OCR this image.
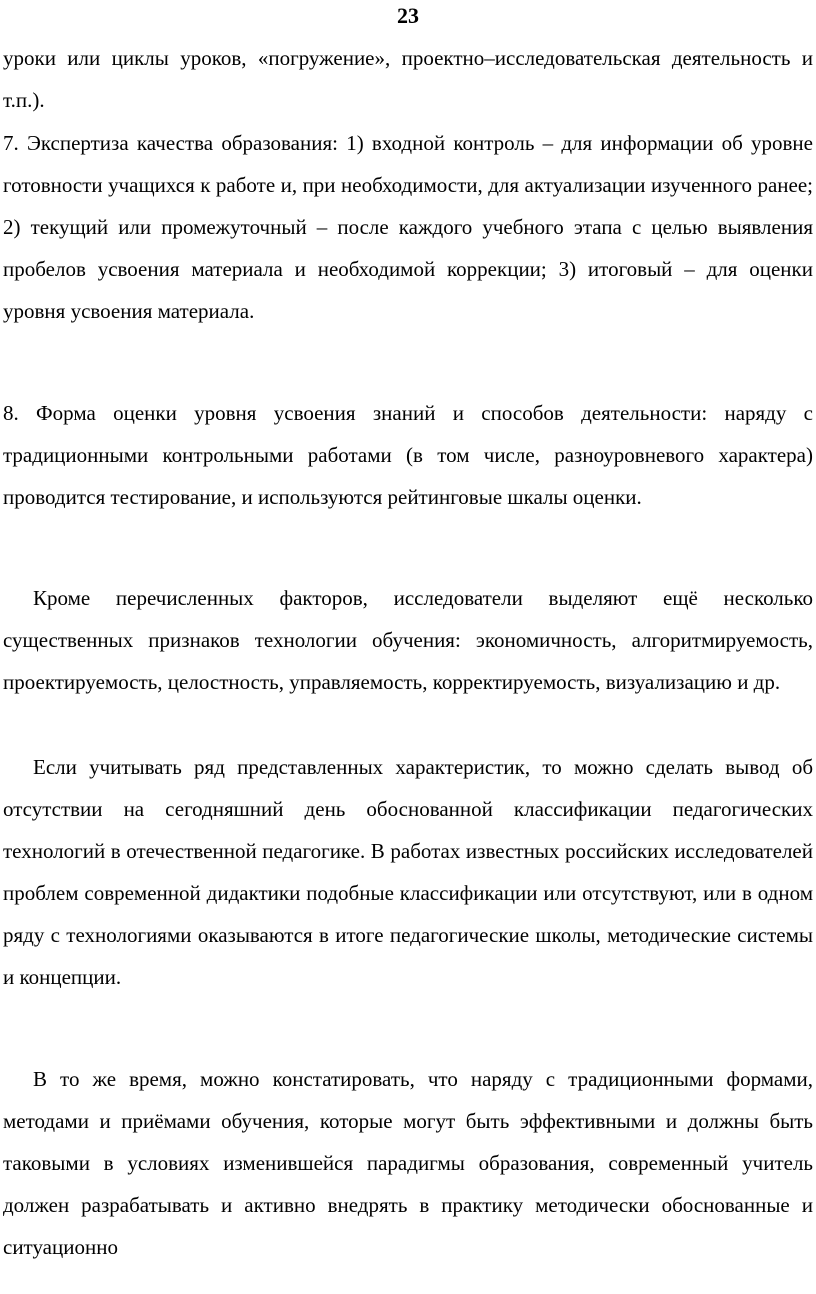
23

уроки или циклы уроков, «погружение», проектно–исследовательская деятельность и т.п.).

7. Экспертиза качества образования: 1) входной контроль – для информации об уровне готовности учащихся к работе и, при необходимости, для актуализации изученного ранее; 2) текущий или промежуточный – после каждого учебного этапа с целью выявления пробелов усвоения материала и необходимой коррекции; 3) итоговый – для оценки уровня усвоения материала.

8. Форма оценки уровня усвоения знаний и способов деятельности: наряду с традиционными контрольными работами (в том числе, разноуровневого характера) проводится тестирование, и используются рейтинговые шкалы оценки.

Кроме перечисленных факторов, исследователи выделяют ещё несколько существенных признаков технологии обучения: экономичность, алгоритмируемость, проектируемость, целостность, управляемость, корректируемость, визуализацию и др.

Если учитывать ряд представленных характеристик, то можно сделать вывод об отсутствии на сегодняшний день обоснованной классификации педагогических технологий в отечественной педагогике. В работах известных российских исследователей проблем современной дидактики подобные классификации или отсутствуют, или в одном ряду с технологиями оказываются в итоге педагогические школы, методические системы и концепции.

В то же время, можно констатировать, что наряду с традиционными формами, методами и приёмами обучения, которые могут быть эффективными и должны быть таковыми в условиях изменившейся парадигмы образования, современный учитель должен разрабатывать и активно внедрять в практику методически обоснованные и ситуационно
